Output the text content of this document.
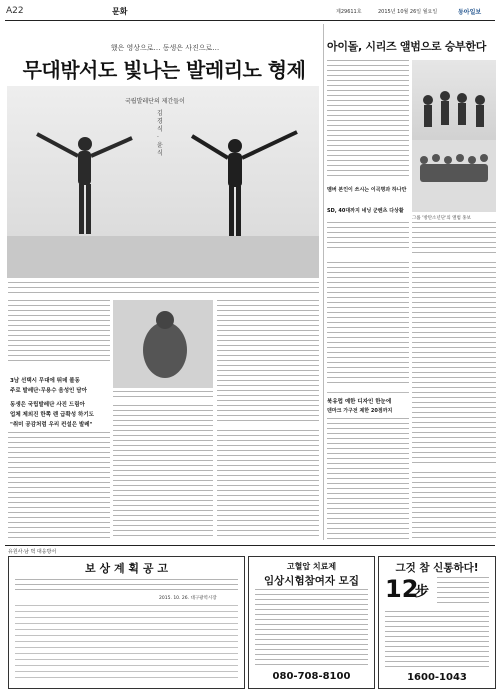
A22	문화	제29611호	2015년 10월 26일 월요일	동아일보
했은 영상으로… 동생은 사진으로…
무대밖서도 빛나는 발레리노 형제
국립발레단의 제간들이
김 경 식 · 윤 식
3남 선택시 무대에 뛰데 볼동
주로 발레단·무용수 음성인 담아
동생은 국립발레단 사진 드림아
업체 제외진 한쪽 렌 급확성 하기도
"취미 공감처럼 우리 컨설은 발레"
아이돌, 시리즈 앨범으로 승부한다
그룹 '방탄소년단'의 앨범 홍보
멤버 본인이 쓰시는 이곡명과 하나만
SD, 40대까지 네닝 군벤츠 다상활
북유럽 예한 디자인 한눈에
덴마크 가구전 제한 20점까지
유원사·남 벅 대응방서
보 상 계 획 공 고
2015. 10. 26. 대구광역시장
고혈압 치료제
임상시험참여자 모집
080-708-8100
그것 참 신통하다!
12
步
1600-1043
